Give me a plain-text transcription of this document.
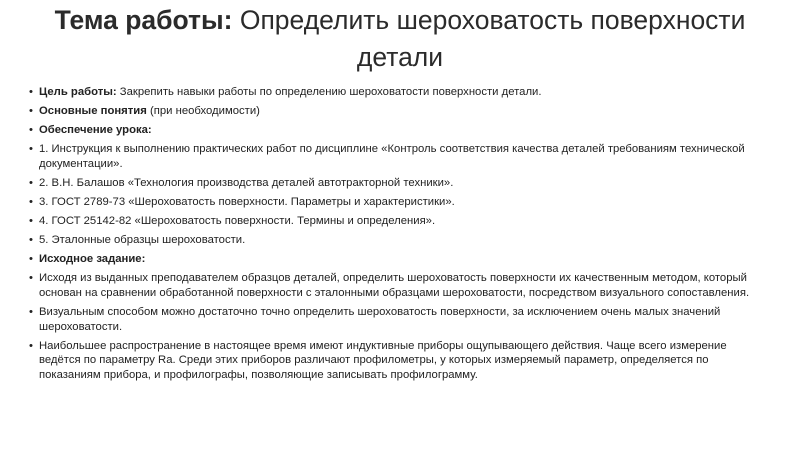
Тема работы: Определить шероховатость поверхности детали
• Цель работы: Закрепить навыки работы по определению шероховатости поверхности детали.
• Основные понятия (при необходимости)
• Обеспечение урока:
• 1. Инструкция к выполнению практических работ по дисциплине «Контроль соответствия качества деталей требованиям технической документации».
• 2. В.Н. Балашов «Технология производства деталей автотракторной техники».
• 3. ГОСТ 2789-73 «Шероховатость поверхности. Параметры и характеристики».
• 4. ГОСТ 25142-82 «Шероховатость поверхности. Термины и определения».
• 5. Эталонные образцы шероховатости.
• Исходное задание:
• Исходя из выданных преподавателем образцов деталей, определить шероховатость поверхности их качественным методом, который основан на сравнении обработанной поверхности с эталонными образцами шероховатости, посредством визуального сопоставления.
• Визуальным способом можно достаточно точно определить шероховатость поверхности, за исключением очень малых значений шероховатости.
• Наибольшее распространение в настоящее время имеют индуктивные приборы ощупывающего действия. Чаще всего измерение ведётся по параметру Ra. Среди этих приборов различают профилометры, у которых измеряемый параметр, определяется по показаниям прибора, и профилографы, позволяющие записывать профилограмму.
